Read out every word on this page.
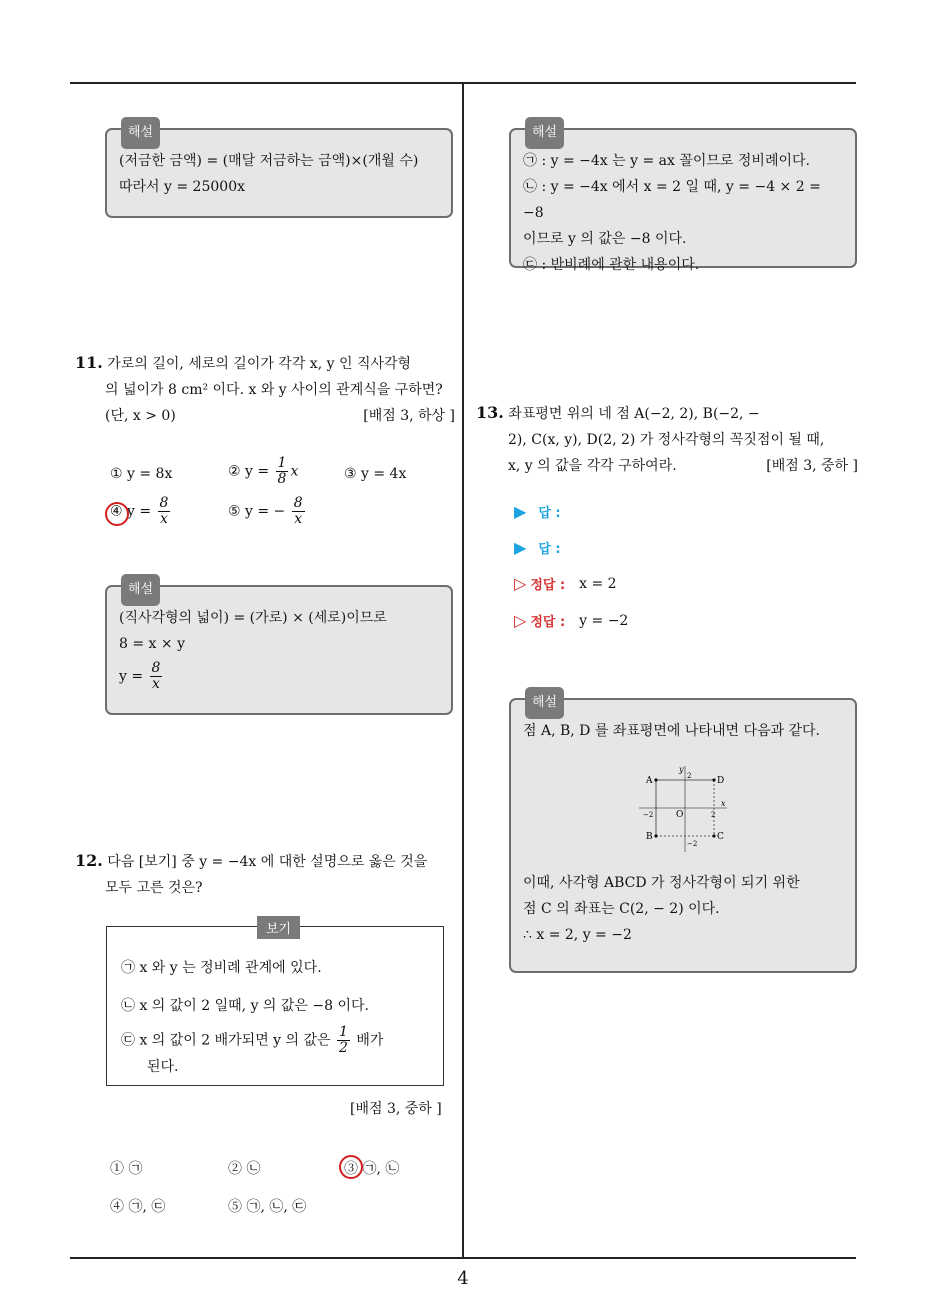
해설
(저금한 금액) = (매달 저금하는 금액)×(개월 수)
따라서 y = 25000x
11. 가로의 길이, 세로의 길이가 각각 x, y 인 직사각형
의 넓이가 8 cm² 이다. x 와 y 사이의 관계식을 구하면?
(단, x > 0)	[배점 3, 하상 ]
① y = 8x	② $y = \frac{1}{8}$ x	③ y = 4x
④ $y = \frac{8}{x}$	⑤ y = − $\frac{8}{x}$
해설
(직사각형의 넓이) = (가로) × (세로)이므로
8 = x × y
$y = \frac{8}{x}$
12. 다음 [보기] 중 y = −4x 에 대한 설명으로 옳은 것을
모두 고른 것은?
보기
㉠ x 와 y 는 정비례 관계에 있다.
㉡ x 의 값이 2 일때, y 의 값은 −8 이다.
㉢ x 의 값이 2 배가되면 y 의 값은 $\frac{1}{2}$ 배가
된다.
[배점 3, 중하 ]
① ㉠	② ㉡	③ ㉠, ㉡
④ ㉠, ㉢	⑤ ㉠, ㉡, ㉢
해설
㉠ : y = −4x 는 y = ax 꼴이므로 정비례이다.
㉡ : y = −4x 에서 x = 2 일 때, y = −4 × 2 = −8
이므로 y 의 값은 −8 이다.
㉢ : 반비례에 관한 내용이다.
13. 좌표평면 위의 네 점 A(−2, 2), B(−2, −
2), C(x, y), D(2, 2) 가 정사각형의 꼭짓점이 될 때,
x, y 의 값을 각각 구하여라.	[배점 3, 중하 ]
▶ 답 :
▶ 답 :
▷ 정답 : x = 2
▷ 정답 : y = −2
해설
점 A, B, D 를 좌표평면에 나타내면 다음과 같다.
A
B	C
D
O
x
y
2
−2	2
−2
이때, 사각형 ABCD 가 정사각형이 되기 위한
점 C 의 좌표는 C(2, − 2) 이다.
∴ x = 2, y = −2
4
